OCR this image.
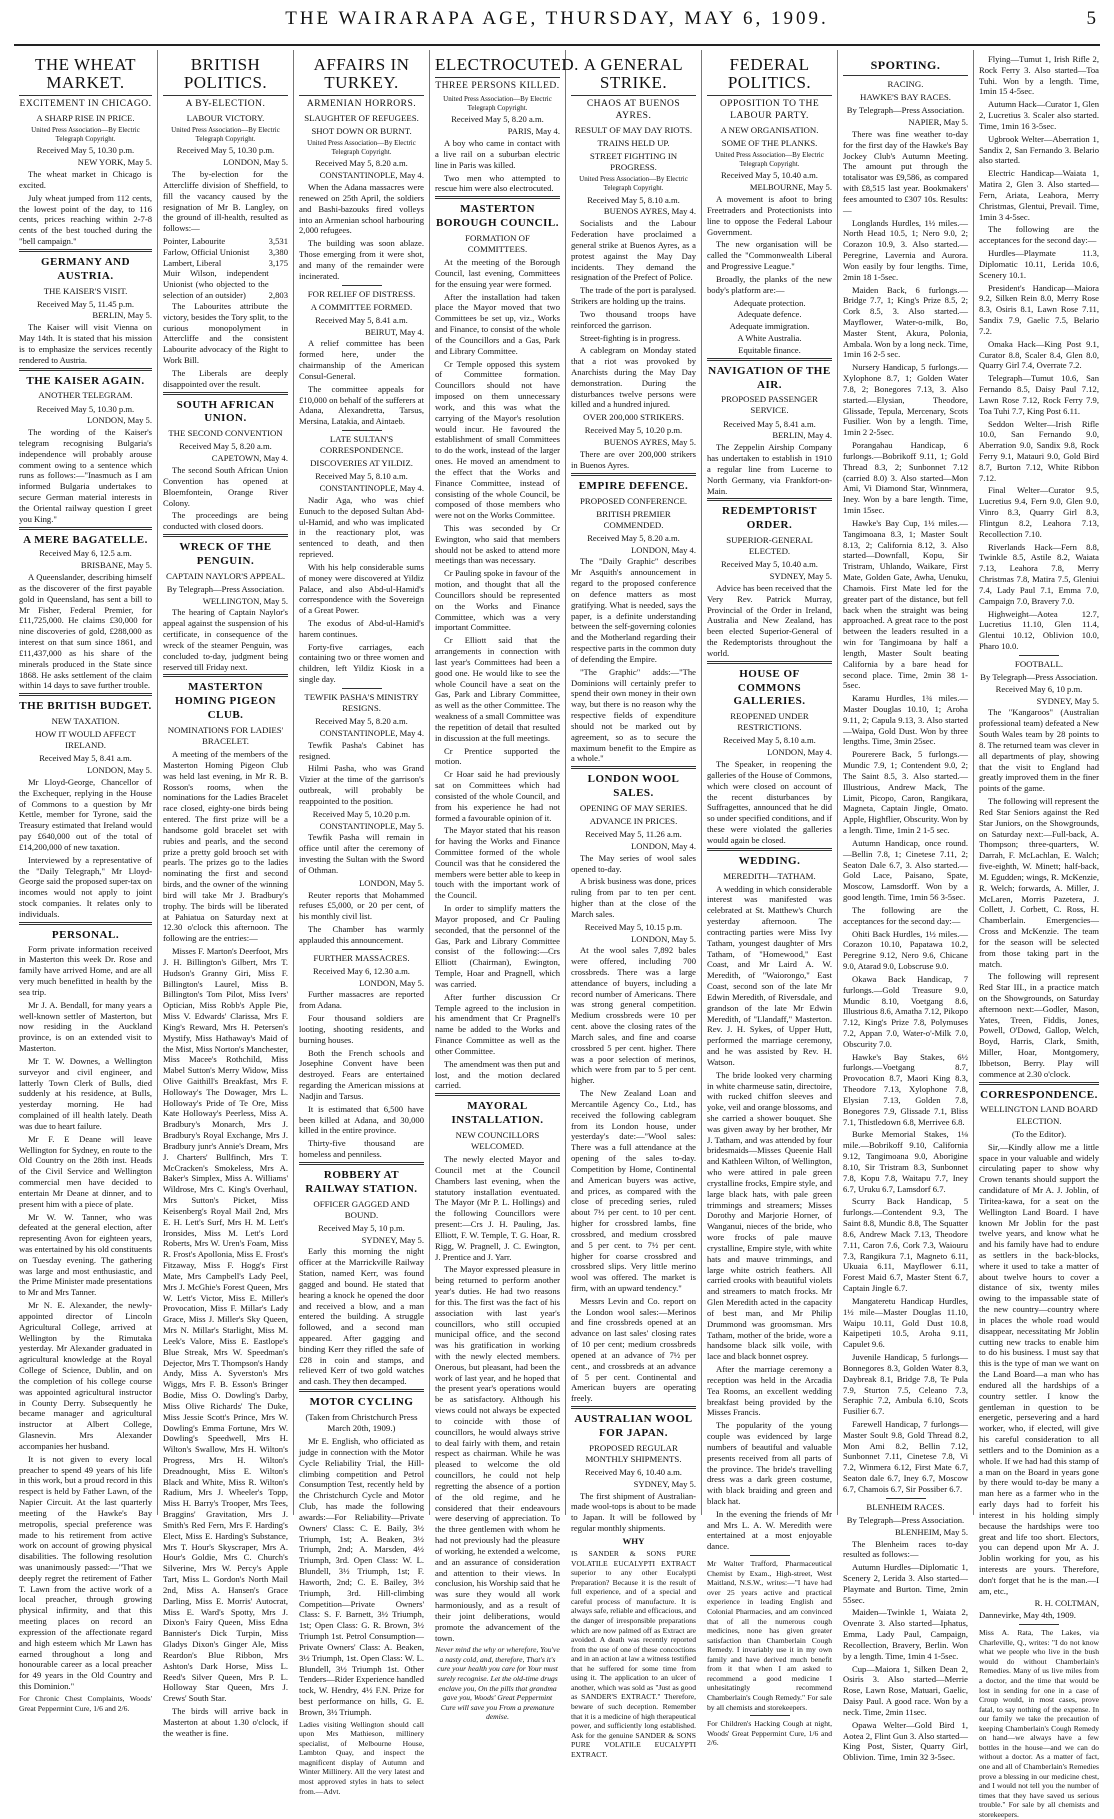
THE WAIRARAPA AGE, THURSDAY, MAY 6, 1909.	5
THE WHEAT MARKET.
EXCITEMENT IN CHICAGO.
A SHARP RISE IN PRICE.
United Press Association—By Electric Telegraph Copyright.
Received May 5, 10.30 p.m.
NEW YORK, May 5.

The wheat market in Chicago is excited.

July wheat jumped from 112 cents, the lowest point of the day, to 116 cents, prices reaching within 2-7-8 cents of the best touched during the "bell campaign."

GERMANY AND AUSTRIA.
THE KAISER'S VISIT.
Received May 5, 11.45 p.m.
BERLIN, May 5.

The Kaiser will visit Vienna on May 14th. It is stated that his mission is to emphasize the services recently rendered to Austria.

THE KAISER AGAIN.
ANOTHER TELEGRAM.
Received May 5, 10.30 p.m.
LONDON, May 5.

The wording of the Kaiser's telegram recognising Bulgaria's independence will probably arouse comment owing to a sentence which runs as follows:—"Inasmuch as I am informed Bulgaria undertakes to secure German material interests in the Oriental railway question I greet you King."

A MERE BAGATELLE.
Received May 6, 12.5 a.m.
BRISBANE, May 5.

A Queenslander, describing himself as the discoverer of the first payable gold in Queensland, has sent a bill to Mr Fisher, Federal Premier, for £11,725,000. He claims £30,000 for nine discoveries of gold, £288,000 as interest on that sum since 1861, and £11,437,000 as his share of the minerals produced in the State since 1868. He asks settlement of the claim within 14 days to save further trouble.

THE BRITISH BUDGET.
NEW TAXATION.
HOW IT WOULD AFFECT IRELAND.
Received May 5, 8.41 a.m.
LONDON, May 5.

Mr Lloyd-George, Chancellor of the Exchequer, replying in the House of Commons to a question by Mr Kettle, member for Tyrone, said the Treasury estimated that Ireland would pay £640,000 out of the total of £14,200,000 of new taxation.

Interviewed by a representative of the "Daily Telegraph," Mr Lloyd-George said the proposed super-tax on incomes would not apply to joint stock companies. It relates only to individuals.

PERSONAL.

Form private information received in Masterton this week Dr. Rose and family have arrived Home, and are all very much benefitted in health by the sea trip.

Mr J. A. Bendall, for many years a well-known settler of Masterton, but now residing in the Auckland province, is on an extended visit to Masterton.

Mr T. W. Downes, a Wellington surveyor and civil engineer, and latterly Town Clerk of Bulls, died suddenly at his residence, at Bulls, yesterday morning. He had complained of ill health lately. Death was due to heart failure.

Mr F. E Deane will leave Wellington for Sydney, en route to the Old Country on the 28th inst. Heads of the Civil Service and Wellington commercial men have decided to entertain Mr Deane at dinner, and to present him with a piece of plate.

Mr W. W. Tanner, who was defeated at the general election, after representing Avon for eighteen years, was entertained by his old constituents on Tuesday evening. The gathering was large and most enthusiastic, and the Prime Minister made presentations to Mr and Mrs Tanner.

Mr N. E. Alexander, the newly-appointed director of Lincoln Agricultural College, arrived at Wellington by the Rimutaka yesterday. Mr Alexander graduated in agricultural knowledge at the Royal College of Science, Dublin, and on the completion of his college course was appointed agricultural instructor in County Derry. Subsequently he became manager and agricultural instructor at Albert College, Glasnevin. Mrs Alexander accompanies her husband.

It is not given to every local preacher to spend 49 years of his life in this work, but a proud record in this respect is held by Father Lawn, of the Napier Circuit. At the last quarterly meeting of the Hawke's Bay metropolis, special preference was made to his retirement from active work on account of growing physical disabilities. The following resolution was unanimously passed:—"That we deeply regret the retirement of Father T. Lawn from the active work of a local preacher, through growing physical infirmity, and that this meeting places on record an expression of the affectionate regard and high esteem which Mr Lawn has earned throughout a long and honourable career as a local preacher for 49 years in the Old Country and this Dominion."

For Chronic Chest Complaints, Woods' Great Peppermint Cure, 1/6 and 2/6.
BRITISH POLITICS.
A BY-ELECTION.
LABOUR VICTORY.
United Press Association—By Electric Telegraph Copyright.
Received May 5, 10.30 p.m.
LONDON, May 5.

The by-election for the Attercliffe division of Sheffield, to fill the vacancy caused by the resignation of Mr B. Langley, on the ground of ill-health, resulted as follows:—

Pointer, Labourite	3,531
Farlow, Official Unionist 3,380
Lambert, Liberal	3,175
Muir Wilson, independent Unionist (who objected to the selection of an outsider)	2,803

The Labourites attribute the victory, besides the Tory split, to the curious monopolyment in Attercliffe and the consistent Labourite advocacy of the Right to Work Bill.

The Liberals are deeply disappointed over the result.

SOUTH AFRICAN UNION.
THE SECOND CONVENTION
Received May 5, 8.20 a.m.
CAPETOWN, May 4.

The second South African Union Convention has opened at Bloemfontein, Orange River Colony.

The proceedings are being conducted with closed doors.

WRECK OF THE PENGUIN.
CAPTAIN NAYLOR'S APPEAL.
By Telegraph—Press Association.
WELLINGTON, May 5.

The hearing of Captain Naylor's appeal against the suspension of his certificate, in consequence of the wreck of the steamer Penguin, was concluded to-day, judgment being reserved till Friday next.

MASTERTON HOMING PIGEON CLUB.
NOMINATIONS FOR LADIES' BRACELET.

A meeting of the members of the Masterton Homing Pigeon Club was held last evening, in Mr R. B. Rosson's rooms, when the nominations for the Ladies Bracelet race closed, eighty-one birds being entered. The first prize will be a handsome gold bracelet set with rubies and pearls, and the second prize a pretty gold brooch set with pearls. The prizes go to the ladies nominating the first and second birds, and the owner of the winning bird will take Mr J. Bradbury's trophy. The birds will be liberated at Pahiatua on Saturday next at 12.30 o'clock this afternoon. The following are the entries:—

Misses F. Marton's Deerfoot, Mrs J. H. Billington's Gilbert, Mrs T. Hudson's Granny Giri, Miss F. Billington's Laurel, Miss B. Billington's Tom Pilot, Miss Ivers' Optician, Miss Robb's Apple Pie, Miss V. Edwards' Clarissa, Mrs F. King's Reward, Mrs H. Petersen's Mystify, Miss Hathaway's Maid of the Mist, Miss Norton's Manchester, Miss Macee's Rothchild, Miss Mabel Sutton's Merry Widow, Miss Olive Gaithill's Breakfast, Mrs F. Holloway's The Dowager, Mrs L. Holloway's Pride of Te Ore, Miss Kate Holloway's Peerless, Miss A. Bradbury's Monarch, Mrs J. Bradbury's Royal Exchange, Mrs J. Bradbury junr's Annie's Dream, Mrs J. Charters' Bullfinch, Mrs T. McCracken's Smokeless, Mrs A. Baker's Simplex, Miss A. Williams' Wildrose, Mrs C. King's Overhaul, Mrs Sutton's Picket, Miss Keisenberg's Royal Mail 2nd, Mrs E. H. Lett's Surf, Mrs H. M. Lett's Ironsides, Miss M. Lett's Lord Roberts, Mrs W. Uren's Foam, Miss R. Frost's Apollonia, Miss E. Frost's Fitzaway, Miss F. Hogg's First Mate, Mrs Campbell's Lady Peel, Mrs J. McGhie's Forest Queen, Mrs W. Lett's Victor, Miss E. Miller's Provocation, Miss F. Millar's Lady Grace, Miss J. Miller's Sky Queen, Mrs N. Millar's Starlight, Miss M. Leek's Valore, Miss E. Eastlope's Blue Streak, Mrs W. Speedman's Dejector, Mrs T. Thompson's Handy Andy, Miss A. Syverston's Mrs Wiggs, Mrs F. B. Esson's Bringer Bodie, Miss O. Dowling's Darby, Miss Olive Richards' The Duke, Miss Jessie Scott's Prince, Mrs W. Dowling's Emma Fortune, Mrs W. Dowling's Speedwell, Mrs H. Wilton's Swallow, Mrs H. Wilton's Progress, Mrs H. Wilton's Dreadnought, Miss E. Wilton's Black and White, Miss R. Wilton's Radium, Mrs J. Wheeler's Topp, Miss H. Barry's Trooper, Mrs Tees, Braggins' Gravitation, Mrs J. Smith's Red Fern, Mrs F. Harding's Elect, Miss E. Harding's Substance, Mrs T. Hour's Skyscraper, Mrs A. Hour's Goldie, Mrs C. Church's Silverine, Mrs W. Percy's Apple Tart, Miss L. Gordon's North Mail 2nd, Miss A. Hansen's Grace Darling, Miss E. Morris' Autocrat, Miss E. Ward's Spotty, Mrs J. Dixon's Fairy Queen, Miss Edna Bannister's Dick Turpin, Miss Gladys Dixon's Ginger Ale, Miss Reardon's Blue Ribbon, Mrs Ashton's Dark Horse, Miss L. Reed's Silver Queen, Mrs P. L. Holloway Star Queen, Mrs J. Crews' South Star.

The birds will arrive back in Masterton at about 1.30 o'clock, if the weather is fine.

AFFAIRS IN TURKEY.
ARMENIAN HORRORS.
SLAUGHTER OF REFUGEES.
SHOT DOWN OR BURNT.
United Press Association—By Electric Telegraph Copyright.
Received May 5, 8.20 a.m.
CONSTANTINOPLE, May 4.

When the Adana massacres were renewed on 25th April, the soldiers and Bashi-bazouks fired volleys into an Armenian school harbouring 2,000 refugees.

The building was soon ablaze. Those emerging from it were shot, and many of the remainder were incinerated.

FOR RELIEF OF DISTRESS.
A COMMITTEE FORMED.
Received May 5, 8.41 a.m.
BEIRUT, May 4.

A relief committee has been formed here, under the chairmanship of the American Consul-General.

The committee appeals for £10,000 on behalf of the sufferers at Adana, Alexandretta, Tarsus, Mersina, Latakia, and Aintaeb.

LATE SULTAN'S CORRESPONDENCE.
DISCOVERIES AT YILDIZ.
Received May 5, 8.10 a.m.
CONSTANTINOPLE, May 4.

Nadir Aga, who was chief Eunuch to the deposed Sultan Abd-ul-Hamid, and who was implicated in the reactionary plot, was sentenced to death, and then reprieved.

With his help considerable sums of money were discovered at Yildiz Palace, and also Abd-ul-Hamid's correspondence with the Sovereign of a Great Power.

The exodus of Abd-ul-Hamid's harem continues.

Forty-five carriages, each containing two or three women and children, left Yildiz Kiosk in a single day.

TEWFIK PASHA'S MINISTRY RESIGNS.
Received May 5, 8.20 a.m.
CONSTANTINOPLE, May 4.

Tewfik Pasha's Cabinet has resigned.

Hilmi Pasha, who was Grand Vizier at the time of the garrison's outbreak, will probably be reappointed to the position.

Received May 5, 10.20 p.m.
CONSTANTINOPLE, May 5.

Tewfik Pasha will remain in office until after the ceremony of investing the Sultan with the Sword of Othman.

LONDON, May 5.

Reuter reports that Mohammed refuses £5,000, or 20 per cent, of his monthly civil list.

The Chamber has warmly applauded this announcement.

FURTHER MASSACRES.
Received May 6, 12.30 a.m.
LONDON, May 5.

Further massacres are reported from Adana.

Four thousand soldiers are looting, shooting residents, and burning houses.

Both the French schools and Josephine Convent have been destroyed. Fears are entertained regarding the American missions at Nadjin and Tarsus.

It is estimated that 6,500 have been killed at Adana, and 30,000 killed in the entire province.

Thirty-five thousand are homeless and penniless.

ROBBERY AT RAILWAY STATION.
OFFICER GAGGED AND BOUND.
Received May 5, 10 p.m.
SYDNEY, May 5.

Early this morning the night officer at the Marrickville Railway Station, named Kerr, was found gagged and bound. He stated that hearing a knock he opened the door and received a blow, and a man entered the building. A struggle followed, and a second man appeared. After gagging and binding Kerr they rifled the safe of £28 in coin and stamps, and relieved Kerr of two gold watches and cash. They then decamped.

MOTOR CYCLING
(Taken from Christchurch Press March 20th, 1909.)

Mr E. English, who officiated as judge in connection with the Motor Cycle Reliability Trial, the Hill-climbing competition and Petrol Consumption Test, recently held by the Christchurch Cycle and Motor Club, has made the following awards:—For Reliability—Private Owners' Class: C. E. Baily, 3½ Triumph, 1st; A. Beaken, 3½ Triumph, 2nd; A. Marsden, 4½ Triumph, 3rd. Open Class: W. L. Blundell, 3½ Triumph, 1st; F. Haworth, 2nd; C. E. Bailey, 3½ Triumph, 3rd. Hill-climbing Competition—Private Owners' Class: S. F. Barnett, 3½ Triumph, 1st; Open Class: G. R. Brown, 3½ Triumph 1st. Petrol Consumption—Private Owners' Class: A. Beaken, 3½ Triumph, 1st. Open Class: W. L. Blundell, 3½ Triumph 1st. Other Tenders—Rider Experience handled tock, W. Hendry, 4½ F.N. Prize for best performance on hills, G. E. Brown, 3½ Triumph.

Ladies visiting Wellington should call upon Mrs Mathieson, millinery specialist, of Melbourne House, Lambton Quay, and inspect the magnificent display of Autumn and Winter Millinery. All the very latest and most approved styles in hats to select from.—Advt.
ELECTROCUTED.
THREE PERSONS KILLED.
United Press Association—By Electric Telegraph Copyright.
Received May 5, 8.20 a.m.
PARIS, May 4.

A boy who came in contact with a live rail on a suburban electric line in Paris was killed.

Two men who attempted to rescue him were also electrocuted.

MASTERTON BOROUGH COUNCIL.
FORMATION OF COMMITTEES.

At the meeting of the Borough Council, last evening, Committees for the ensuing year were formed.

After the installation had taken place the Mayor moved that two Committees be set up, viz., Works and Finance, to consist of the whole of the Councillors and a Gas, Park and Library Committee.

Cr Temple opposed this system of Committee formation. Councillors should not have imposed on them unnecessary work, and this was what the carrying of the Mayor's resolution would incur. He favoured the establishment of small Committees to do the work, instead of the larger ones. He moved an amendment to the effect that the Works and Finance Committee, instead of consisting of the whole Council, be composed of those members who were not on the Works Committee.

This was seconded by Cr Ewington, who said that members should not be asked to attend more meetings than was necessary.

Cr Pauling spoke in favour of the motion, and thought that all the Councillors should be represented on the Works and Finance Committee, which was a very important Committee.

Cr Elliott said that the arrangements in connection with last year's Committees had been a good one. He would like to see the whole Council have a seat on the Gas, Park and Library Committee, as well as the other Committee. The weakness of a small Committee was the repetition of detail that resulted in discussion at the full meetings.

Cr Prentice supported the motion.

Cr Hoar said he had previously sat on Committees which had consisted of the whole Council, and from his experience he had not formed a favourable opinion of it.

The Mayor stated that his reason for having the Works and Finance Committee formed of the whole Council was that he considered the members were better able to keep in touch with the important work of the Council.

In order to simplify matters the Mayor proposed, and Cr Pauling seconded, that the personnel of the Gas, Park and Library Committee consist of the following:—Crs Elliott (Chairman), Ewington, Temple, Hoar and Pragnell, which was carried.

After further discussion Cr Temple agreed to the inclusion in his amendment that Cr Pragnell's name be added to the Works and Finance Committee as well as the other Committee.

The amendment was then put and lost, and the motion declared carried.

MAYORAL INSTALLATION.
NEW COUNCILLORS WELCOMED.

The newly elected Mayor and Council met at the Council Chambers last evening, when the statutory installation eventuated. The Mayor (Mr P. L. Hollings) and the following Councillors were present:—Crs J. H. Pauling, Jas. Elliott, F. W. Temple, T. G. Hoar, R. Rigg, W. Pragnell, J. C. Ewington, J. Prentice and J. Yarr.

The Mayor expressed pleasure in being returned to perform another year's duties. He had two reasons for this. The first was the fact of his association with last year's councillors, who still occupied municipal office, and the second was his gratification in working with the newly elected members. Onerous, but pleasant, had been the work of last year, and he hoped that the present year's operations would be as satisfactory. Although his views could not always be expected to coincide with those of councillors, he would always strive to deal fairly with them, and retain respect as chairman. While he was pleased to welcome the old councillors, he could not help regretting the absence of a portion of the old regime, and he considered that their endeavours were deserving of appreciation. To the three gentlemen with whom he had not previously had the pleasure of working, he extended a welcome, and an assurance of consideration and attention to their views. In conclusion, his Worship said that he was sure they would all work harmoniously, and as a result of their joint deliberations, would promote the advancement of the town.

Never mind the why or wherefore, You've a nasty cold, and, therefore, That's it's cure your health you care for Your must surely recognise. Let the old-time drugs enclave you, On the pills that grandma gave you, Woods' Great Peppermint Cure will save you From a premature demise.
A GENERAL STRIKE.
CHAOS AT BUENOS AYRES.
RESULT OF MAY DAY RIOTS.
TRAINS HELD UP.
STREET FIGHTING IN PROGRESS.
United Press Association—By Electric Telegraph Copyright.
Received May 5, 8.10 a.m.
BUENOS AYRES, May 4.

Socialists and the Labour Federation have proclaimed a general strike at Buenos Ayres, as a protest against the May Day incidents. They demand the resignation of the Prefect of Police.

The trade of the port is paralysed. Strikers are holding up the trains.

Two thousand troops have reinforced the garrison.

Street-fighting is in progress.

A cablegram on Monday stated that a riot was provoked by Anarchists during the May Day demonstration. During the disturbances twelve persons were killed and a hundred injured.

OVER 200,000 STRIKERS.
Received May 5, 10.20 p.m.
BUENOS AYRES, May 5.

There are over 200,000 strikers in Buenos Ayres.

EMPIRE DEFENCE.
PROPOSED CONFERENCE.
BRITISH PREMIER COMMENDED.
Received May 5, 8.20 a.m.
LONDON, May 4.

The "Daily Graphic" describes Mr Asquith's announcement in regard to the proposed conference on defence matters as most gratifying. What is needed, says the paper, is a definite understanding between the self-governing colonies and the Motherland regarding their respective parts in the common duty of defending the Empire.

"The Graphic" adds:—"The Dominions will certainly prefer to spend their own money in their own way, but there is no reason why the respective fields of expenditure should not be marked out by agreement, so as to secure the maximum benefit to the Empire as a whole."

LONDON WOOL SALES.
OPENING OF MAY SERIES.
ADVANCE IN PRICES.
Received May 5, 11.26 a.m.
LONDON, May 4.

The May series of wool sales opened to-day.

A brisk business was done, prices ruling from par to ten per cent. higher than at the close of the March sales.

Received May 5, 10.15 p.m.
LONDON, May 5.

At the wool sales 7,892 bales were offered, including 700 crossbreds. There was a large attendance of buyers, including a record number of Americans. There was strong general competition. Medium crossbreds were 10 per cent. above the closing rates of the March sales, and fine and coarse crossbred 5 per cent. higher. There was a poor selection of merinos, which were from par to 5 per cent. higher.

The New Zealand Loan and Mercantile Agency Co., Ltd., has received the following cablegram from its London house, under yesterday's date:—"Wool sales: There was a full attendance at the opening of the sales to-day. Competition by Home, Continental and American buyers was active, and prices, as compared with the close of preceding series, ruled about 7½ per cent. to 10 per cent. higher for crossbred lambs, fine crossbred, and medium crossbred and 5 per cent. to 7½ per cent. higher for coarse crossbred and crossbred slips. Very little merino wool was offered. The market is firm, with an upward tendency."

Messrs Levin and Co. report on the London wool sales:—Merinos and fine crossbreds opened at an advance on last sales' closing rates of 10 per cent; medium crossbreds opened at an advance of 7½ per cent., and crossbreds at an advance of 5 per cent. Continental and American buyers are operating freely.

AUSTRALIAN WOOL FOR JAPAN.
PROPOSED REGULAR MONTHLY SHIPMENTS.
Received May 6, 10.40 a.m.
SYDNEY, May 5.

The first shipment of Australian-made wool-tops is about to be made to Japan. It will be followed by regular monthly shipments.

WHY
IS SANDER & SONS PURE VOLATILE EUCALYPTI EXTRACT superior to any other Eucalypti Preparation? Because it is the result of full experience, and of a special and careful process of manufacture. It is always safe, reliable and efficacious, and the danger of irresponsible preparations which are now palmed off as Extract are avoided. A death was recently reported from the use of one of these concoctions and in an action at law a witness testified that he suffered for some time from using it. The application to an ulcer of another, which was sold as "Just as good as SANDER'S EXTRACT." Therefore, beware of such deception. Remember that it is a medicine of high therapeutical power, and sufficiently long established. Ask for the genuine SANDER & SONS PURE VOLATILE EUCALYPTI EXTRACT.
FEDERAL POLITICS.
OPPOSITION TO THE LABOUR PARTY.
A NEW ORGANISATION.
SOME OF THE PLANKS.
United Press Association—By Electric Telegraph Copyright.
Received May 5, 10.40 a.m.
MELBOURNE, May 5.

A movement is afoot to bring Freetraders and Protectionists into line to oppose the Federal Labour Government.

The new organisation will be called the "Commonwealth Liberal and Progressive League."

Broadly, the planks of the new body's platform are:—

Adequate protection.
Adequate defence.
Adequate immigration.
A White Australia.
Equitable finance.
NAVIGATION OF THE AIR.
PROPOSED PASSENGER SERVICE.
Received May 5, 8.41 a.m.
BERLIN, May 4.

The Zeppelin Airship Company has undertaken to establish in 1910 a regular line from Lucerne to North Germany, via Frankfort-on-Main.

REDEMPTORIST ORDER.
SUPERIOR-GENERAL ELECTED.
Received May 5, 10.40 a.m.
SYDNEY, May 5.

Advice has been received that the Very Rev. Patrick Murray, Provincial of the Order in Ireland, Australia and New Zealand, has been elected Superior-General of the Redemptorists throughout the world.

HOUSE OF COMMONS GALLERIES.
REOPENED UNDER RESTRICTIONS.
Received May 5, 8.10 a.m.
LONDON, May 4.

The Speaker, in reopening the galleries of the House of Commons, which were closed on account of the recent disturbances by Suffragettes, announced that he did so under specified conditions, and if these were violated the galleries would again be closed.

WEDDING.
MEREDITH—TATHAM.

A wedding in which considerable interest was manifested was celebrated at St. Matthew's Church yesterday afternoon. The contracting parties were Miss Ivy Tatham, youngest daughter of Mrs Tatham, of "Homewood," East Coast, and Mr Laird A. W. Meredith, of "Waiorongo," East Coast, second son of the late Mr Edwin Meredith, of Riversdale, and grandson of the late Mr Edwin Meredith, of "Llandaff," Masterton. Rev. J. H. Sykes, of Upper Hutt, performed the marriage ceremony, and he was assisted by Rev. H. Watson.

The bride looked very charming in white charmeuse satin, directoire, with rucked chiffon sleeves and yoke, veil and orange blossoms, and she carried a shower bouquet. She was given away by her brother, Mr J. Tatham, and was attended by four bridesmaids—Misses Queenie Hall and Kathleen Wilton, of Wellington, who were attired in pale green crystalline frocks, Empire style, and large black hats, with pale green trimmings and streamers; Misses Dorothy and Marjorie Horner, of Wanganui, nieces of the bride, who wore frocks of pale mauve crystalline, Empire style, with white hats and mauve trimmings, and large white ostrich feathers. All carried crooks with beautiful violets and streamers to match frocks. Mr Glen Meredith acted in the capacity of best man, and Mr Philip Drummond was groomsman. Mrs Tatham, mother of the bride, wore a handsome black silk voile, with lace and black bonnet osprey.

After the marriage ceremony a reception was held in the Arcadia Tea Rooms, an excellent wedding breakfast being provided by the Misses Francis.

The popularity of the young couple was evidenced by large numbers of beautiful and valuable presents received from all parts of the province. The bride's travelling dress was a dark green costume, with black braiding and green and black hat.

In the evening the friends of Mr and Mrs L. A. W. Meredith were entertained at a most enjoyable dance.

Mr Walter Trafford, Pharmaceutical Chemist by Exam., High-street, West Maitland, N.S.W., writes:—"I have had over 25 years active and practical experience in leading English and Colonial Pharmacies, and am convinced that of all the numerous cough medicines, none has given greater satisfaction than Chamberlain Cough Remedy. I invariably use it in my own family and have derived much benefit from it that when I am asked to recommend a good medicine I unhesitatingly recommend Chamberlain's Cough Remedy." For sale by all chemists and storekeepers.
For Children's Hacking Cough at night, Woods' Great Peppermint Cure, 1/6 and 2/6.
SPORTING.
RACING.
HAWKE'S BAY RACES.
By Telegraph—Press Association.
NAPIER, May 5.

There was fine weather to-day for the first day of the Hawke's Bay Jockey Club's Autumn Meeting. The amount put through the totalisator was £9,586, as compared with £8,515 last year. Bookmakers' fees amounted to £307 10s. Results:—

Longlands Hurdles, 1½ miles.—North Head 10.5, 1; Nero 9.0, 2; Corazon 10.9, 3. Also started.—Peregrine, Lavernia and Aurora. Won easily by four lengths. Time, 2min 18 1-5sec.

Maiden Back, 6 furlongs.—Bridge 7.7, 1; King's Prize 8.5, 2; Cork 8.5, 3. Also started.—Mayflower, Water-o-milk, Bo, Master Stent, Akura, Polonia, Ambala. Won by a long neck. Time, 1min 16 2-5 sec.

Nursery Handicap, 5 furlongs.—Xylophone 8.7, 1; Golden Water 7.8, 2; Bonegores 7.13, 3. Also started.—Elysian, Theodore, Glissade, Tepula, Mercenary, Scots Fusilier. Won by a length. Time, 1min 2 2-5sec.

Porangahau Handicap, 6 furlongs.—Bobrikoff 9.11, 1; Gold Thread 8.3, 2; Sunbonnet 7.12 (carried 8.0) 3. Also started—Mon Ami, Vi Diamond Star, Winnmera, Iney. Won by a bare length. Time, 1min 15sec.

Hawke's Bay Cup, 1½ miles.—Tangimoana 8.3, 1; Master Soult 8.13, 2; California 8.12, 3. Also started—Downfall, Kopu, Sir Tristram, Uhlando, Waikare, First Mate, Golden Gate, Awha, Uenuku, Chamois. First Mate led for the greater part of the distance, but fell back when the straight was being approached. A great race to the post between the leaders resulted in a win for Tangimoana by half a length, Master Soult beating California by a bare head for second place. Time, 2min 38 1-5sec.

Karamu Hurdles, 1¾ miles.—Master Douglas 10.10, 1; Aroha 9.11, 2; Capula 9.13, 3. Also started—Waipa, Gold Dust. Won by three lengths. Time, 3min 25sec.

Pourerere Back, 5 furlongs.—Mundic 7.9, 1; Contendent 9.0, 2; The Saint 8.5, 3. Also started.—Illustrious, Andrew Mack, The Limit, Picopo, Caron, Rangikara, Magneta, Captain Jingle, Omato. Apple, Highflier, Obscurity. Won by a length. Time, 1min 2 1-5 sec.

Autumn Handicap, once round.—Bellin 7.8, 1; Cinetese 7.11, 2; Seaton Dale 6.7, 3. Also started.—Gold Lace, Paisano, Spate, Moscow, Lamsdorff. Won by a good length. Time, 1min 56 3-5sec.

The following are the acceptances for the second day:—

Ohiti Back Hurdles, 1½ miles.—Corazon 10.10, Papatawa 10.2, Peregrine 9.12, Nero 9.6, Chicane 9.0, Atarad 9.0, Lobscruse 9.0.

Okawa Back Handicap, 7 furlongs.—Gold Treasure 9.0, Mundic 8.10, Voetgang 8.6, Illustrious 8.6, Amatha 7.12, Pikopo 7.12, King's Prize 7.8, Polymuses 7.2, Appan 7.0, Water-o'-Milk 7.0, Obscurity 7.0.

Hawke's Bay Stakes, 6½ furlongs.—Voetgang 8.7, Provocation 8.7, Maori King 8.3, Theodore 7.13, Xylophone 7.8, Elysian 7.13, Golden 7.8, Bonegores 7.9, Glissade 7.1, Bliss 7.1, Thistledown 6.8, Merrivee 6.8.

Burke Memorial Stakes, 1⅛ mile.—Bobrikoff 9.10, California 9.12, Tangimoana 9.0, Aborigine 8.10, Sir Tristram 8.3, Sunbonnet 7.8, Kopu 7.8, Waitapu 7.7, Iney 6.7, Uruku 6.7, Lamsdorf 6.7.

Scurry Back Handicap, 5 furlongs.—Contendent 9.3, The Saint 8.8, Mundic 8.8, The Squatter 8.6, Andrew Mack 7.13, Theodore 7.11, Caron 7.6, Cork 7.3, Waiouru 7.3, Rangikura 7.1, Magneto 6.11, Ukuaia 6.11, Mayflower 6.11, Forest Maid 6.7, Master Stent 6.7, Captain Jingle 6.7.

Mangateretu Handicap Hurdles, 1½ mile—Master Douglas 11.10, Waipu 10.11, Gold Dust 10.8, Kaipetipeti 10.5, Aroha 9.11, Capulet 9.6.

Juvenile Handicap, 5 furlongs—Bonnegores 8.3, Golden Water 8.3, Daybreak 8.1, Bridge 7.8, Te Pula 7.9, Sturton 7.5, Celeano 7.3, Seraphic 7.2, Ambula 6.10, Scots Fusilier 6.7.

Farewell Handicap, 7 furlongs—Master Soult 9.8, Gold Thread 8.2, Mon Ami 8.2, Bellin 7.12, Sunbonnet 7.11, Cinetese 7.8, Vi 7.2, Winmera 6.12, First Mate 6.7, Seaton dale 6.7, Iney 6.7, Moscow 6.7, Chamois 6.7, Sir Possiber 6.7.

BLENHEIM RACES.
By Telegraph—Press Association.
BLENHEIM, May 5.

The Blenheim races to-day resulted as follows:—

Autumn Hurdles—Diplomatic 1, Scenery 2, Lerida 3. Also started—Playmate and Burton. Time, 2min 55sec.

Maiden—Twinkle 1, Waiata 2, Ovenrate 3. Also started—Iphatus, Emma, Lady Paul, Campaign, Recollection, Bravery, Berlin. Won by a length. Time, 1min 4 1-5sec.

Cup—Maiora 1, Silken Dean 2, Osiris 3. Also started—Merrie Rose, Lawn Rose, Matuari, Gaelic, Daisy Paul. A good race. Won by a neck. Time, 2min 11sec.

Opawa Welter—Gold Bird 1, Aotea 2, Flint Gun 3. Also started—King Post, Sister, Quarry Girl, Oblivion. Time, 1min 32 3-5sec.

Flying—Tumut 1, Irish Rifle 2, Rock Ferry 3. Also started—Toa Tuhi. Won by a length. Time, 1min 15 4-5sec.

Autumn Hack—Curator 1, Glen 2, Lucretius 3. Scaler also started. Time, 1min 16 3-5sec.

Ugbrook Welter—Aberration 1, Sandix 2, San Fernando 3. Belario also started.

Electric Handicap—Waiata 1, Matira 2, Glen 3. Also started—Fern, Ariata, Leahora, Merry Christmas, Glentui, Prevail. Time, 1min 3 4-5sec.

The following are the acceptances for the second day:—

Hurdles—Playmate 11.3, Diplomatic 10.11, Lerida 10.6, Scenery 10.1.

President's Handicap—Maiora 9.2, Silken Rein 8.0, Merry Rose 8.3, Osiris 8.1, Lawn Rose 7.11, Sandix 7.9, Gaelic 7.5, Belario 7.2.

Omaka Hack—King Post 9.1, Curator 8.8, Scaler 8.4, Glen 8.0, Quarry Girl 7.4, Overrate 7.2.

Telegraph—Tumut 10.6, San Fernando 8.5, Daisy Paul 7.12, Lawn Rose 7.12, Rock Ferry 7.9, Toa Tuhi 7.7, King Post 6.11.

Seddon Welter—Irish Rifle 10.0, San Fernando 9.0, Aberration 9.0, Sandix 9.8, Rock Ferry 9.1, Matauri 9.0, Gold Bird 8.7, Burton 7.12, White Ribbon 7.12.

Final Welter—Curator 9.5, Lucretius 9.4, Fern 9.0, Glen 9.0, Vinro 8.3, Quarry Girl 8.3, Flintgun 8.2, Leahora 7.13, Recollection 7.10.

Riverlands Hack—Fern 8.8, Twinkle 8.5, Astile 8.2, Waiata 7.13, Leahora 7.8, Merry Christmas 7.8, Matira 7.5, Gleniui 7.4, Lady Paul 7.1, Emma 7.0, Campaign 7.0, Bravery 7.0.

Highweight—Aotea 12.7, Lucretius 11.10, Glen 11.4, Glentui 10.12, Oblivion 10.0, Pharo 10.0.

FOOTBALL.
By Telegraph—Press Association.
Received May 6, 10 p.m.
SYDNEY, May 5.

The "Kangaroos" (Australian professional team) defeated a New South Wales team by 28 points to 8. The returned team was clever in all departments of play, showing that the visit to England had greatly improved them in the finer points of the game.

The following will represent the Red Star Seniors against the Red Star Juniors, on the Showgrounds, on Saturday next:—Full-back, A. Thompson; three-quarters, W. Darrah, F. McLachlan, E. Walch; five-eighth, W. Minett; half-back, M. Egudden; wings, R. McKenzie, R. Welch; forwards, A. Miller, J. McLaren, Morris Pazetera, J. Collett, J. Corbett, C. Ross, H. Chamberlain. Emergencies—Cross and McKenzie. The team for the season will be selected from those taking part in the match.

The following will represent Red Star III., in a practice match on the Showgrounds, on Saturday afternoon next:—Godler, Mason, Yates, Treen, Fiddis, Jones, Powell, O'Dowd, Gallop, Welch, Boyd, Harris, Clark, Smith, Miller, Hoar, Montgomery, Ibbetson, Berry. Play will commence at 2.30 o'clock.

CORRESPONDENCE.
WELLINGTON LAND BOARD ELECTION.
(To the Editor).

Sir,—Kindly allow me a little space in your valuable and widely circulating paper to show why Crown tenants should support the candidature of Mr A. J. Joblin, of Tiritea-kawa, for a seat on the Wellington Land Board. I have known Mr Joblin for the past twelve years, and know what he and his family have had to endure as settlers in the back-blocks, where it used to take a matter of about twelve hours to cover a distance of six, twenty miles owing to the impassable state of the new country—country where in places the whole road would disappear, necessitating Mr Joblin cutting new tracks to enable him to do his business. I must say that this is the type of man we want on the Land Board—a man who has endured all the hardships of a country settler. I know the gentleman in question to be energetic, persevering and a hard worker, who, if elected, will give his careful consideration to all settlers and to the Dominion as a whole. If we had had this stamp of a man on the Board in years gone by there would to-day be many a man here as a farmer who in the early days had to forfeit his interest in his holding simply because the hardships were too great and life too short. Electors, you can depend upon Mr A. J. Joblin working for you, as his interests are yours. Therefore, don't forget that he is the man.—I am, etc.,

R. H. COLTMAN,
Dannevirke, May 4th, 1909.
Miss A. Rata, The Lakes, via Charleville, Q., writes: "I do not know what we people who live in the bush would do without Chamberlain's Remedies. Many of us live miles from a doctor, and the time that would be lost in sending for one in a case of Croup would, in most cases, prove fatal, to say nothing of the expense. In our family we take the precaution of keeping Chamberlain's Cough Remedy on hand—we always have a few bottles in the house—and we can do without a doctor. As a matter of fact, one and all of Chamberlain's Remedies prove a blessing in our medicine chest, and I would not tell you the number of times that they have saved us serious trouble." For sale by all chemists and storekeepers.
